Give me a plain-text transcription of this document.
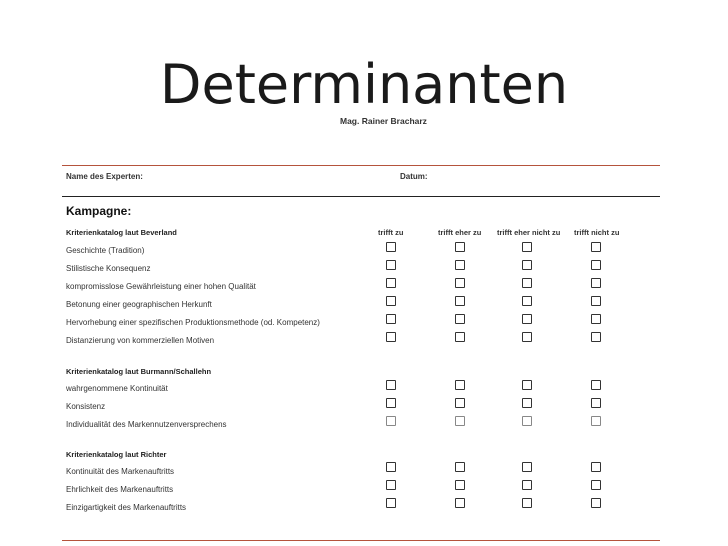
Determinanten
Mag. Rainer Bracharz
Name des Experten:	Datum:
Kampagne:
trifft zu	trifft eher zu trifft eher nicht zu trifft nicht zu
Kriterienkatalog laut Beverland
Geschichte (Tradition)
Stilistische Konsequenz
kompromisslose Gewährleistung einer hohen Qualität
Betonung einer geographischen Herkunft
Hervorhebung einer spezifischen Produktionsmethode (od. Kompetenz)
Distanzierung von kommerziellen Motiven
Kriterienkatalog laut Burmann/Schallehn
wahrgenommene Kontinuität
Konsistenz
Individualität des Markennutzenversprechens
Kriterienkatalog laut Richter
Kontinuität des Markenauftritts
Ehrlichkeit des Markenauftritts
Einzigartigkeit des Markenauftritts
